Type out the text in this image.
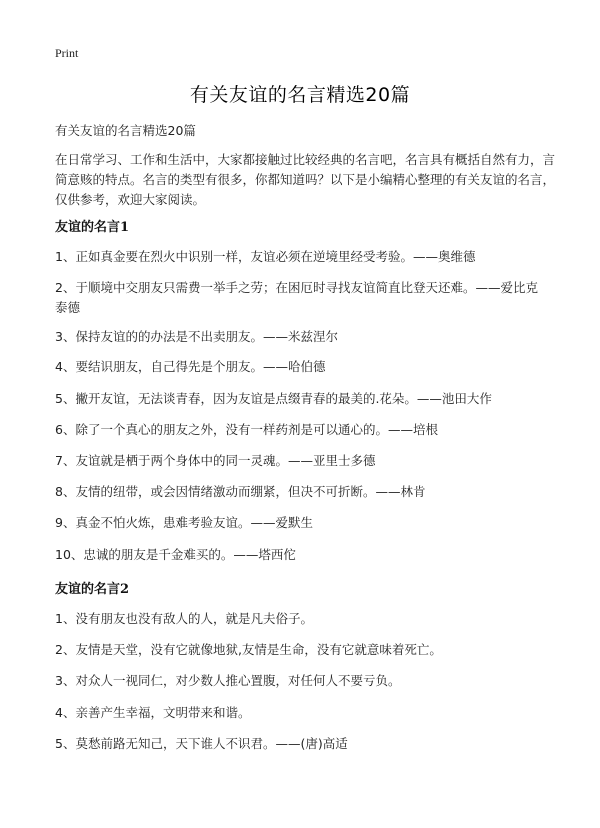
Print
有关友谊的名言精选20篇
有关友谊的名言精选20篇
在日常学习、工作和生活中，大家都接触过比较经典的名言吧，名言具有概括自然有力，言简意赅的特点。名言的类型有很多，你都知道吗？以下是小编精心整理的有关友谊的名言，仅供参考，欢迎大家阅读。
友谊的名言1
1、正如真金要在烈火中识别一样，友谊必须在逆境里经受考验。——奥维德
2、于顺境中交朋友只需费一举手之劳；在困厄时寻找友谊简直比登天还难。——爱比克泰德
3、保持友谊的的办法是不出卖朋友。——米兹涅尔
4、要结识朋友，自己得先是个朋友。——哈伯德
5、撇开友谊，无法谈青春，因为友谊是点缀青春的最美的.花朵。——池田大作
6、除了一个真心的朋友之外，没有一样药剂是可以通心的。——培根
7、友谊就是栖于两个身体中的同一灵魂。——亚里士多德
8、友情的纽带，或会因情绪激动而绷紧，但决不可折断。——林肯
9、真金不怕火炼，患难考验友谊。——爱默生
10、忠诚的朋友是千金难买的。——塔西佗
友谊的名言2
1、没有朋友也没有敌人的人，就是凡夫俗子。
2、友情是天堂，没有它就像地狱,友情是生命，没有它就意味着死亡。
3、对众人一视同仁，对少数人推心置腹，对任何人不要亏负。
4、亲善产生幸福，文明带来和谐。
5、莫愁前路无知己，天下谁人不识君。——(唐)高适
